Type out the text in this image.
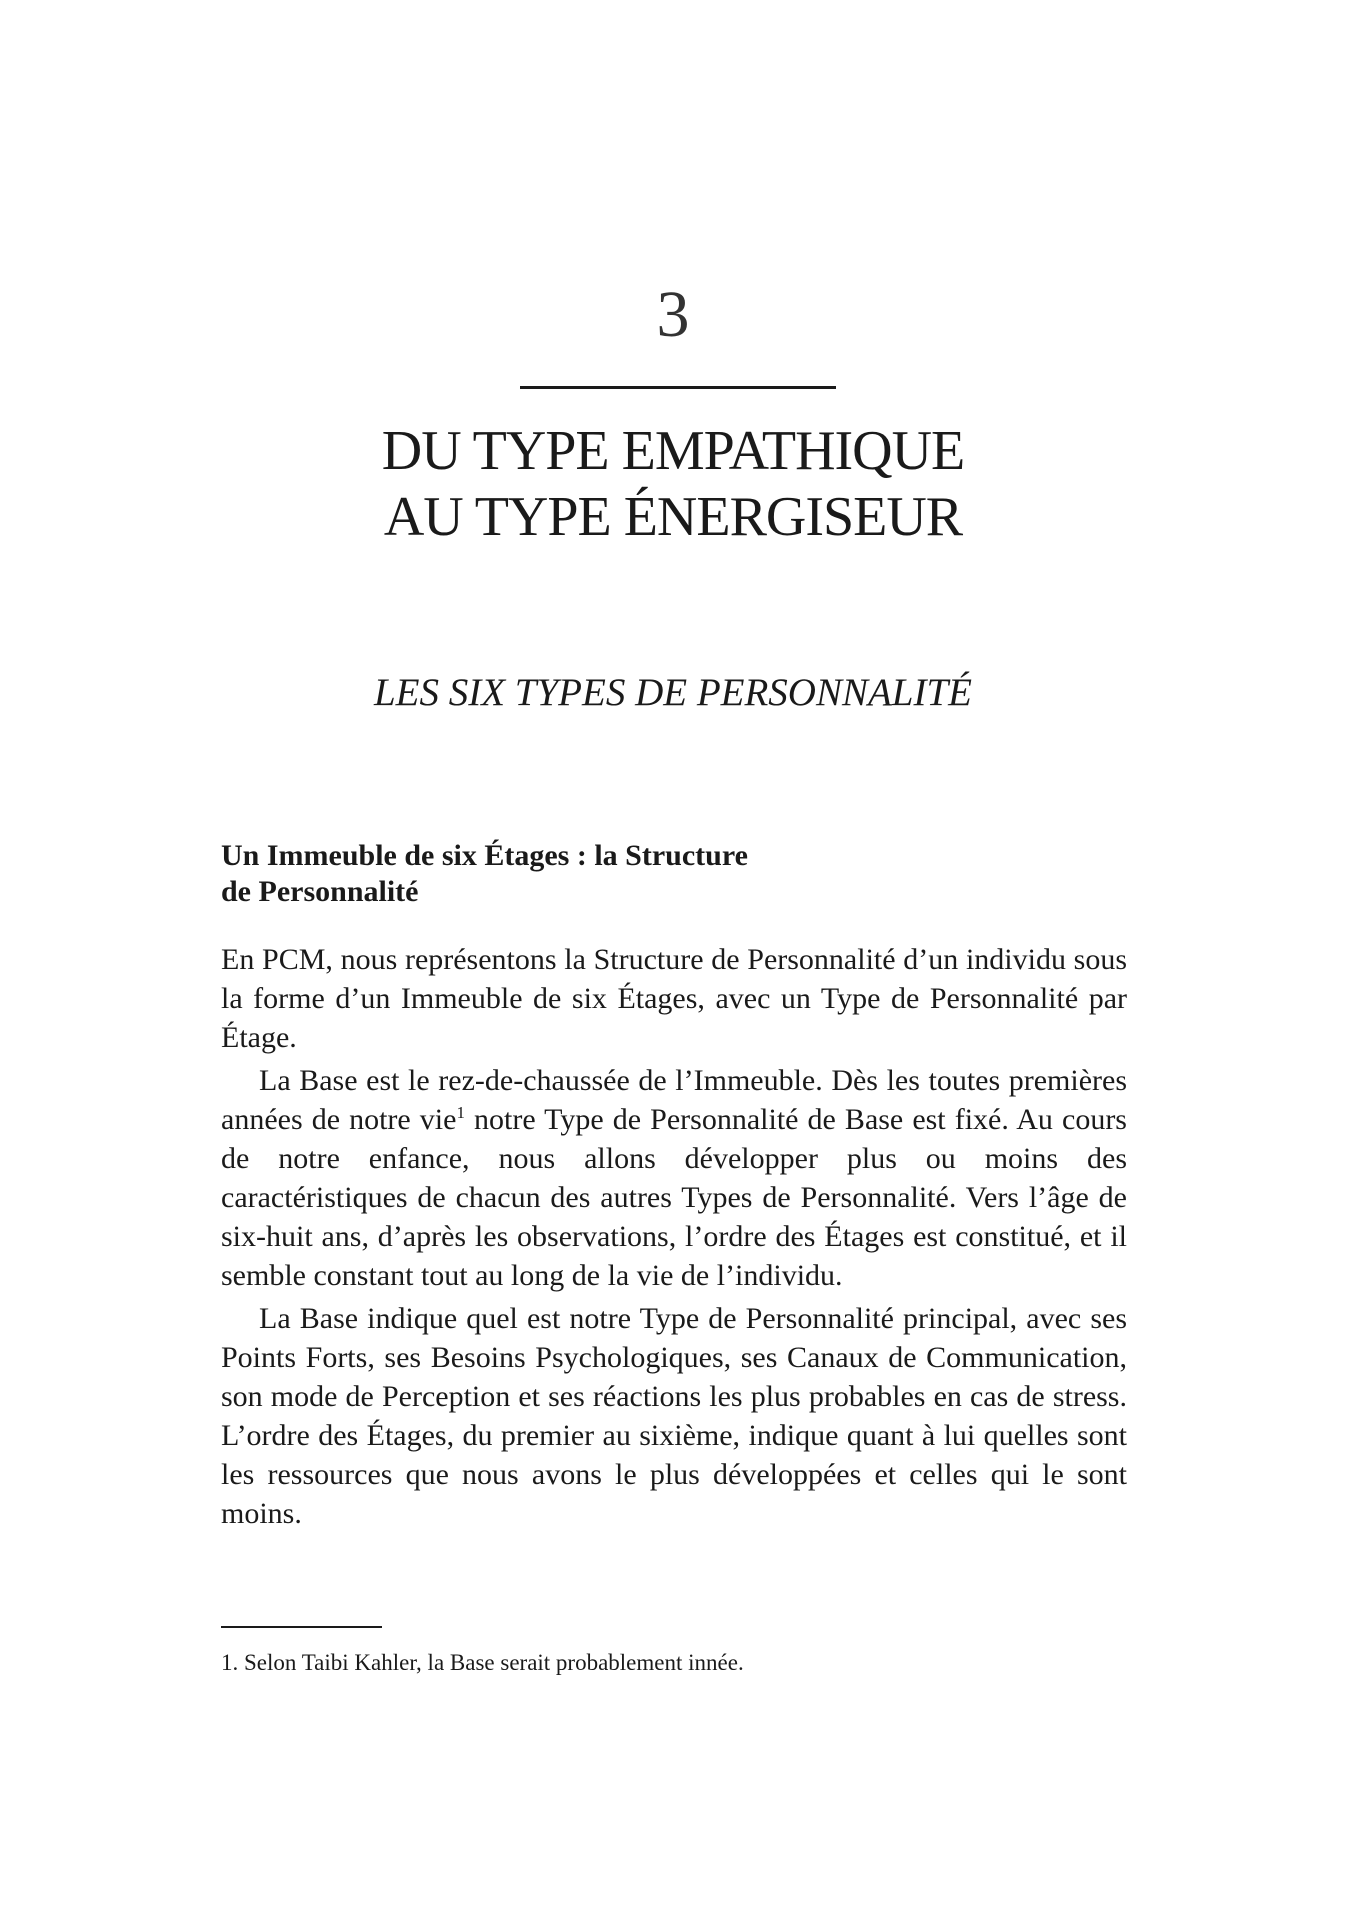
3
DU TYPE EMPATHIQUE
AU TYPE ÉNERGISEUR
LES SIX TYPES DE PERSONNALITÉ
Un Immeuble de six Étages : la Structure
de Personnalité

En PCM, nous représentons la Structure de Personnalité d’un individu sous la forme d’un Immeuble de six Étages, avec un Type de Personnalité par Étage.

La Base est le rez-de-chaussée de l’Immeuble. Dès les toutes premières années de notre vie$^1$ notre Type de Personnalité de Base est fixé. Au cours de notre enfance, nous allons développer plus ou moins des caractéristiques de chacun des autres Types de Personnalité. Vers l’âge de six-huit ans, d’après les observations, l’ordre des Étages est constitué, et il semble constant tout au long de la vie de l’individu.

La Base indique quel est notre Type de Personnalité principal, avec ses Points Forts, ses Besoins Psychologiques, ses Canaux de Communication, son mode de Perception et ses réactions les plus probables en cas de stress. L’ordre des Étages, du premier au sixième, indique quant à lui quelles sont les ressources que nous avons le plus développées et celles qui le sont moins.

1. Selon Taibi Kahler, la Base serait probablement innée.
